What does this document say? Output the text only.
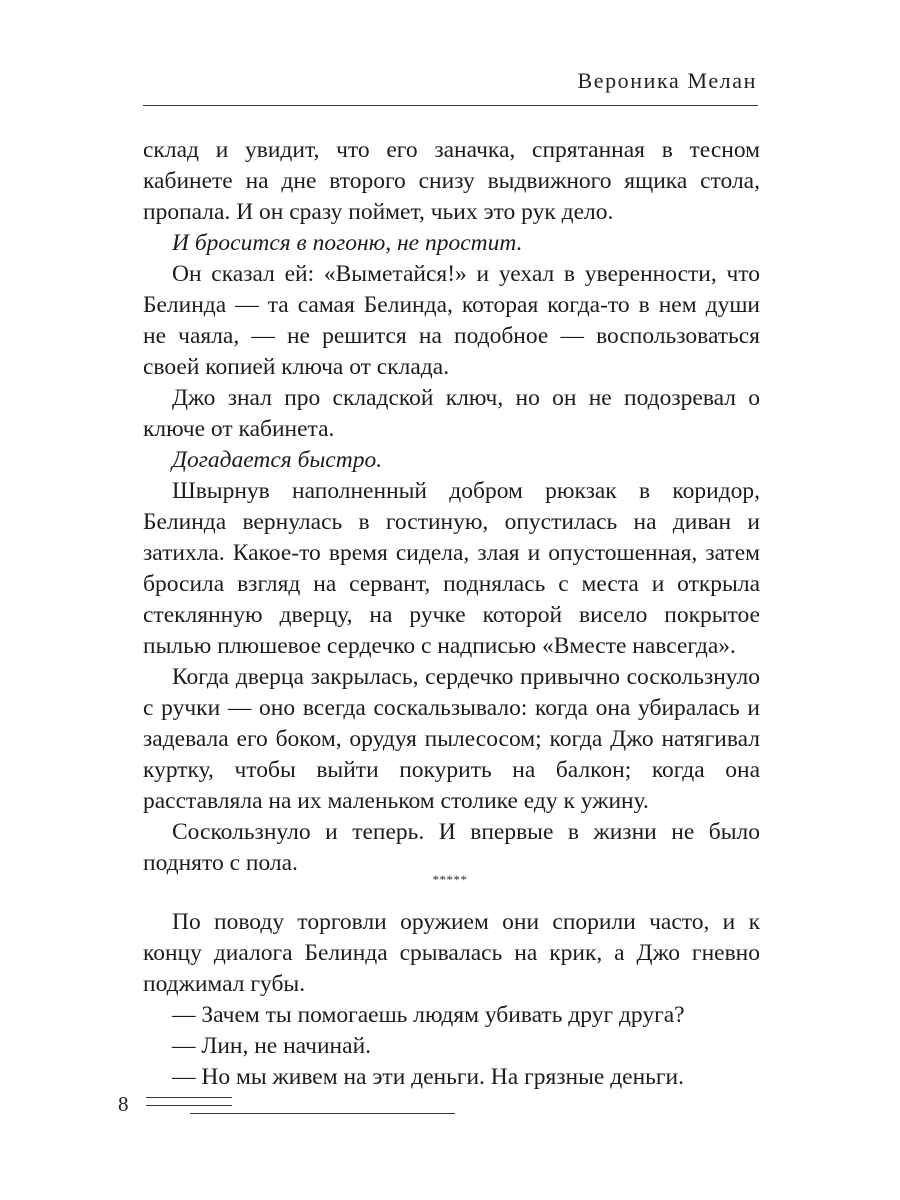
Вероника Мелан

склад и увидит, что его заначка, спрятанная в тесном кабинете на дне второго снизу выдвижного ящика стола, пропала. И он сразу поймет, чьих это рук дело.

И бросится в погоню, не простит.

Он сказал ей: «Выметайся!» и уехал в уверенности, что Белинда — та самая Белинда, которая когда-то в нем души не чаяла, — не решится на подобное — воспользоваться своей копией ключа от склада.

Джо знал про складской ключ, но он не подозревал о ключе от кабинета.

Догадается быстро.

Швырнув наполненный добром рюкзак в коридор, Белинда вернулась в гостиную, опустилась на диван и затихла. Какое-то время сидела, злая и опустошенная, затем бросила взгляд на сервант, поднялась с места и открыла стеклянную дверцу, на ручке которой висело покрытое пылью плюшевое сердечко с надписью «Вместе навсегда».

Когда дверца закрылась, сердечко привычно соскользнуло с ручки — оно всегда соскальзывало: когда она убиралась и задевала его боком, орудуя пылесосом; когда Джо натягивал куртку, чтобы выйти покурить на балкон; когда она расставляла на их маленьком столике еду к ужину.

Соскользнуло и теперь. И впервые в жизни не было поднято с пола.

*****

По поводу торговли оружием они спорили часто, и к концу диалога Белинда срывалась на крик, а Джо гневно поджимал губы.

— Зачем ты помогаешь людям убивать друг друга?

— Лин, не начинай.

— Но мы живем на эти деньги. На грязные деньги.

8
